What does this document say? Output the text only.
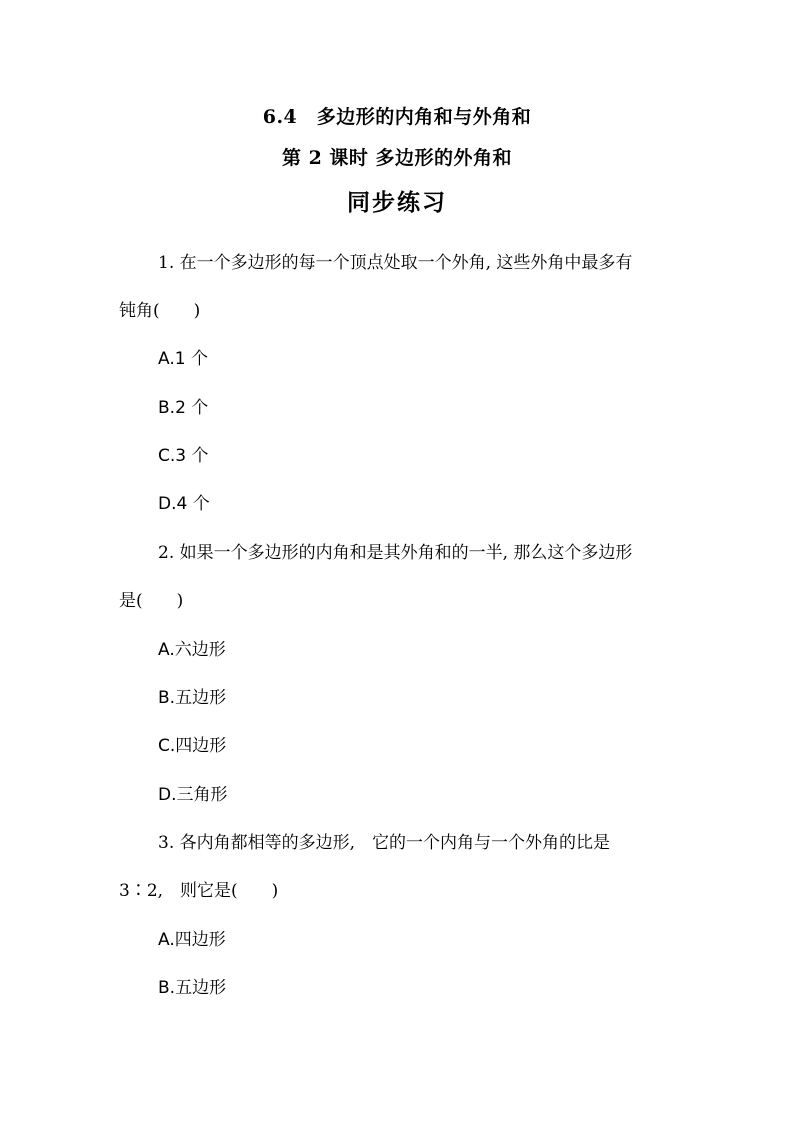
6.4　多边形的内角和与外角和
第 2 课时 多边形的外角和
同步练习
1. 在一个多边形的每一个顶点处取一个外角, 这些外角中最多有
钝角(　　)
A.1 个
B.2 个
C.3 个
D.4 个
2. 如果一个多边形的内角和是其外角和的一半, 那么这个多边形
是(　　)
A.六边形
B.五边形
C.四边形
D.三角形
3. 各内角都相等的多边形,　它的一个内角与一个外角的比是
3∶2,　则它是(　　)
A.四边形
B.五边形
